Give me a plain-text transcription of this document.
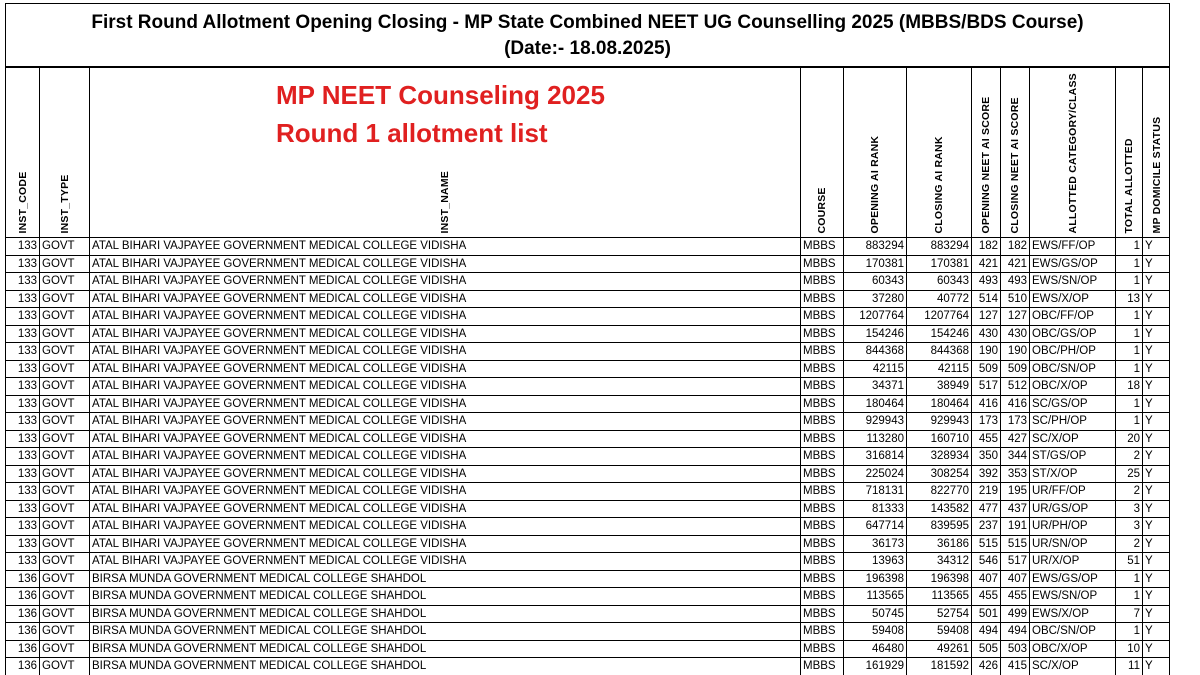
First Round Allotment Opening Closing - MP State Combined NEET UG Counselling 2025 (MBBS/BDS Course)
(Date:- 18.08.2025)
INST_CODE	INST_TYPE	INST_NAME	COURSE	OPENING AI RANK	CLOSING AI RANK	OPENING NEET AI SCORE	CLOSING NEET AI SCORE	ALLOTTED CATEGORY/CLASS	TOTAL ALLOTTED	MP DOMICILE STATUS

133	GOVT	ATAL BIHARI VAJPAYEE GOVERNMENT MEDICAL COLLEGE VIDISHA	MBBS	883294	883294	182	182	EWS/FF/OP	1	Y
133	GOVT	ATAL BIHARI VAJPAYEE GOVERNMENT MEDICAL COLLEGE VIDISHA	MBBS	170381	170381	421	421	EWS/GS/OP	1	Y
133	GOVT	ATAL BIHARI VAJPAYEE GOVERNMENT MEDICAL COLLEGE VIDISHA	MBBS	60343	60343	493	493	EWS/SN/OP	1	Y
133	GOVT	ATAL BIHARI VAJPAYEE GOVERNMENT MEDICAL COLLEGE VIDISHA	MBBS	37280	40772	514	510	EWS/X/OP	13	Y
133	GOVT	ATAL BIHARI VAJPAYEE GOVERNMENT MEDICAL COLLEGE VIDISHA	MBBS	1207764	1207764	127	127	OBC/FF/OP	1	Y
133	GOVT	ATAL BIHARI VAJPAYEE GOVERNMENT MEDICAL COLLEGE VIDISHA	MBBS	154246	154246	430	430	OBC/GS/OP	1	Y
133	GOVT	ATAL BIHARI VAJPAYEE GOVERNMENT MEDICAL COLLEGE VIDISHA	MBBS	844368	844368	190	190	OBC/PH/OP	1	Y
133	GOVT	ATAL BIHARI VAJPAYEE GOVERNMENT MEDICAL COLLEGE VIDISHA	MBBS	42115	42115	509	509	OBC/SN/OP	1	Y
133	GOVT	ATAL BIHARI VAJPAYEE GOVERNMENT MEDICAL COLLEGE VIDISHA	MBBS	34371	38949	517	512	OBC/X/OP	18	Y
133	GOVT	ATAL BIHARI VAJPAYEE GOVERNMENT MEDICAL COLLEGE VIDISHA	MBBS	180464	180464	416	416	SC/GS/OP	1	Y
133	GOVT	ATAL BIHARI VAJPAYEE GOVERNMENT MEDICAL COLLEGE VIDISHA	MBBS	929943	929943	173	173	SC/PH/OP	1	Y
133	GOVT	ATAL BIHARI VAJPAYEE GOVERNMENT MEDICAL COLLEGE VIDISHA	MBBS	113280	160710	455	427	SC/X/OP	20	Y
133	GOVT	ATAL BIHARI VAJPAYEE GOVERNMENT MEDICAL COLLEGE VIDISHA	MBBS	316814	328934	350	344	ST/GS/OP	2	Y
133	GOVT	ATAL BIHARI VAJPAYEE GOVERNMENT MEDICAL COLLEGE VIDISHA	MBBS	225024	308254	392	353	ST/X/OP	25	Y
133	GOVT	ATAL BIHARI VAJPAYEE GOVERNMENT MEDICAL COLLEGE VIDISHA	MBBS	718131	822770	219	195	UR/FF/OP	2	Y
133	GOVT	ATAL BIHARI VAJPAYEE GOVERNMENT MEDICAL COLLEGE VIDISHA	MBBS	81333	143582	477	437	UR/GS/OP	3	Y
133	GOVT	ATAL BIHARI VAJPAYEE GOVERNMENT MEDICAL COLLEGE VIDISHA	MBBS	647714	839595	237	191	UR/PH/OP	3	Y
133	GOVT	ATAL BIHARI VAJPAYEE GOVERNMENT MEDICAL COLLEGE VIDISHA	MBBS	36173	36186	515	515	UR/SN/OP	2	Y
133	GOVT	ATAL BIHARI VAJPAYEE GOVERNMENT MEDICAL COLLEGE VIDISHA	MBBS	13963	34312	546	517	UR/X/OP	51	Y
136	GOVT	BIRSA MUNDA GOVERNMENT MEDICAL COLLEGE SHAHDOL	MBBS	196398	196398	407	407	EWS/GS/OP	1	Y
136	GOVT	BIRSA MUNDA GOVERNMENT MEDICAL COLLEGE SHAHDOL	MBBS	113565	113565	455	455	EWS/SN/OP	1	Y
136	GOVT	BIRSA MUNDA GOVERNMENT MEDICAL COLLEGE SHAHDOL	MBBS	50745	52754	501	499	EWS/X/OP	7	Y
136	GOVT	BIRSA MUNDA GOVERNMENT MEDICAL COLLEGE SHAHDOL	MBBS	59408	59408	494	494	OBC/SN/OP	1	Y
136	GOVT	BIRSA MUNDA GOVERNMENT MEDICAL COLLEGE SHAHDOL	MBBS	46480	49261	505	503	OBC/X/OP	10	Y
136	GOVT	BIRSA MUNDA GOVERNMENT MEDICAL COLLEGE SHAHDOL	MBBS	161929	181592	426	415	SC/X/OP	11	Y
MP NEET Counseling 2025
Round 1 allotment list
